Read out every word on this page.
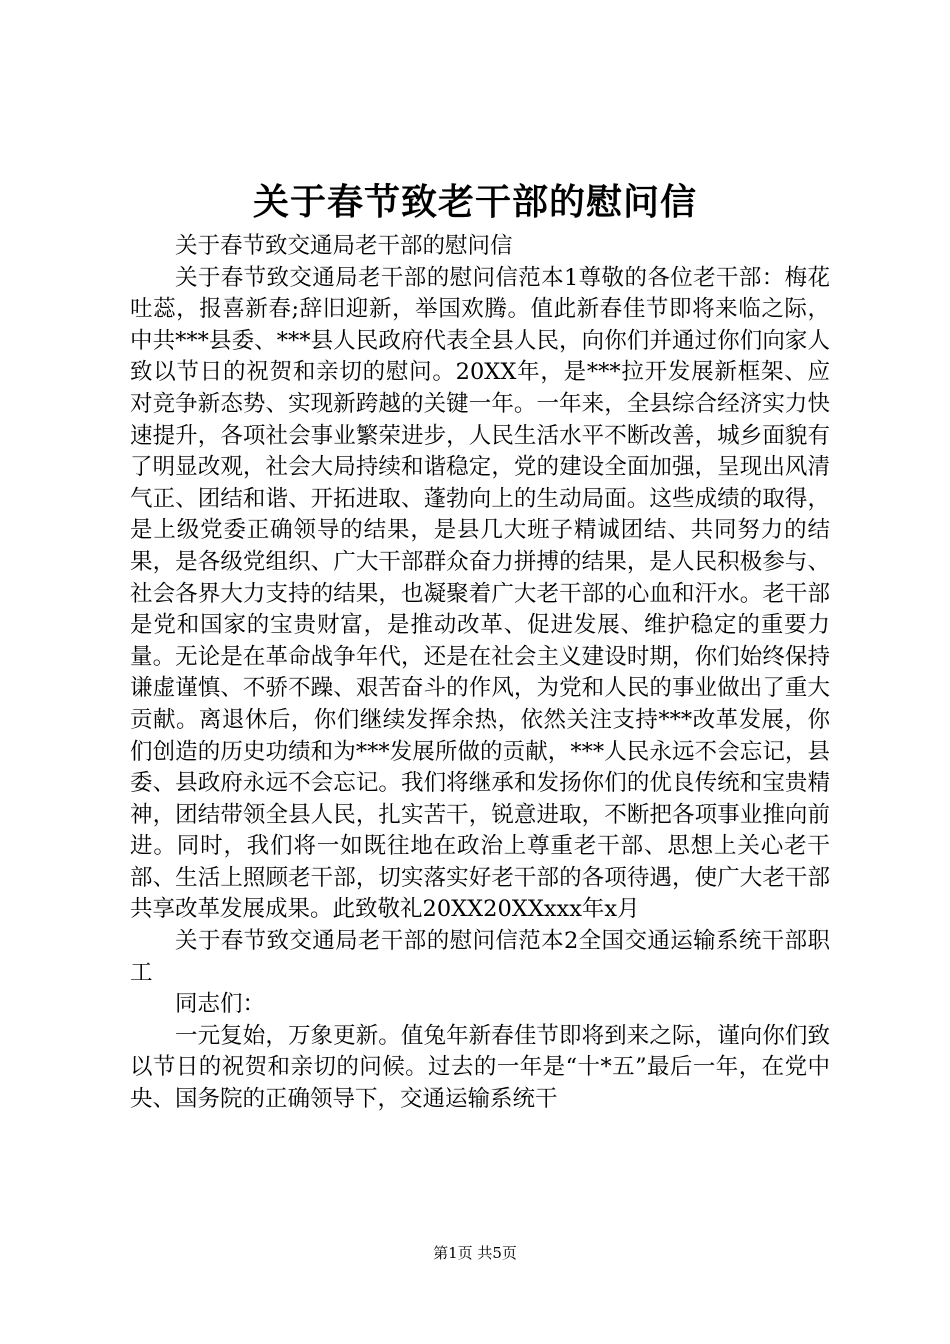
关于春节致老干部的慰问信

关于春节致交通局老干部的慰问信

关于春节致交通局老干部的慰问信范本1尊敬的各位老干部：梅花吐蕊，报喜新春;辞旧迎新，举国欢腾。值此新春佳节即将来临之际，中共***县委、***县人民政府代表全县人民，向你们并通过你们向家人致以节日的祝贺和亲切的慰问。20XX年，是***拉开发展新框架、应对竞争新态势、实现新跨越的关键一年。一年来，全县综合经济实力快速提升，各项社会事业繁荣进步，人民生活水平不断改善，城乡面貌有了明显改观，社会大局持续和谐稳定，党的建设全面加强，呈现出风清气正、团结和谐、开拓进取、蓬勃向上的生动局面。这些成绩的取得，是上级党委正确领导的结果，是县几大班子精诚团结、共同努力的结果，是各级党组织、广大干部群众奋力拼搏的结果，是人民积极参与、社会各界大力支持的结果，也凝聚着广大老干部的心血和汗水。老干部是党和国家的宝贵财富，是推动改革、促进发展、维护稳定的重要力量。无论是在革命战争年代，还是在社会主义建设时期，你们始终保持谦虚谨慎、不骄不躁、艰苦奋斗的作风，为党和人民的事业做出了重大贡献。离退休后，你们继续发挥余热，依然关注支持***改革发展，你们创造的历史功绩和为***发展所做的贡献，***人民永远不会忘记，县委、县政府永远不会忘记。我们将继承和发扬你们的优良传统和宝贵精神，团结带领全县人民，扎实苦干，锐意进取，不断把各项事业推向前进。同时，我们将一如既往地在政治上尊重老干部、思想上关心老干部、生活上照顾老干部，切实落实好老干部的各项待遇，使广大老干部共享改革发展成果。此致敬礼20XX20XXxxx年x月

关于春节致交通局老干部的慰问信范本2全国交通运输系统干部职工

同志们：

一元复始，万象更新。值兔年新春佳节即将到来之际，谨向你们致以节日的祝贺和亲切的问候。过去的一年是“十*五”最后一年，在党中央、国务院的正确领导下，交通运输系统干

第1页 共5页
